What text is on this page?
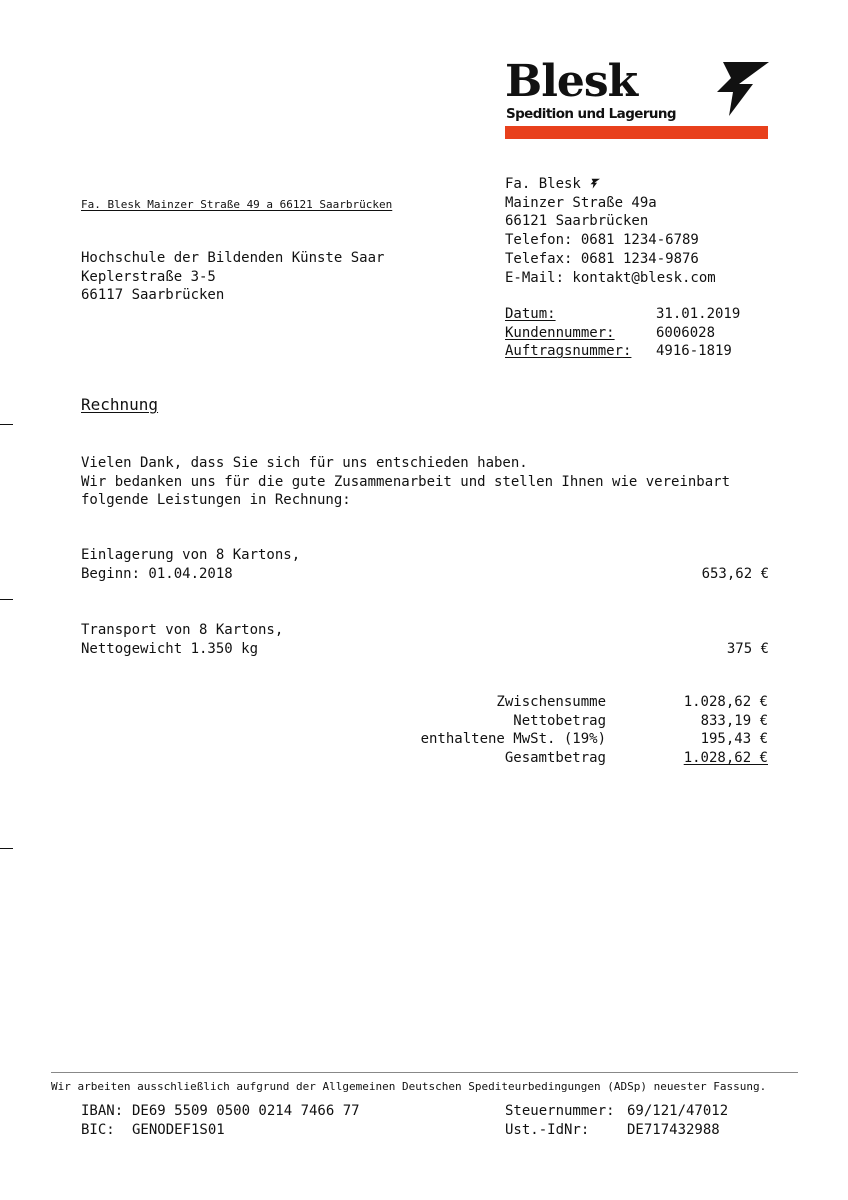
Blesk
Spedition und Lagerung
Fa. Blesk Mainzer Straße 49 a 66121 Saarbrücken
Hochschule der Bildenden Künste Saar
Keplerstraße 3-5
66117 Saarbrücken
Fa. Blesk
Mainzer Straße 49a
66121 Saarbrücken
Telefon: 0681 1234-6789
Telefax: 0681 1234-9876
E-Mail: kontakt@blesk.com
Datum:	31.01.2019
Kundennummer:	6006028
Auftragsnummer:	4916-1819
Rechnung
Vielen Dank, dass Sie sich für uns entschieden haben.
Wir bedanken uns für die gute Zusammenarbeit und stellen Ihnen wie vereinbart
folgende Leistungen in Rechnung:
Einlagerung von 8 Kartons,
Beginn: 01.04.2018	653,62 €
Transport von 8 Kartons,
Nettogewicht 1.350 kg	375 €
Zwischensumme	1.028,62 €
Nettobetrag	833,19 €
enthaltene MwSt. (19%)	195,43 €
Gesamtbetrag	1.028,62 €
Wir arbeiten ausschließlich aufgrund der Allgemeinen Deutschen Spediteurbedingungen (ADSp) neuester Fassung.
IBAN: DE69 5509 0500 0214 7466 77
BIC:	GENODEF1S01
Steuernummer: 69/121/47012
Ust.-IdNr:	DE717432988
